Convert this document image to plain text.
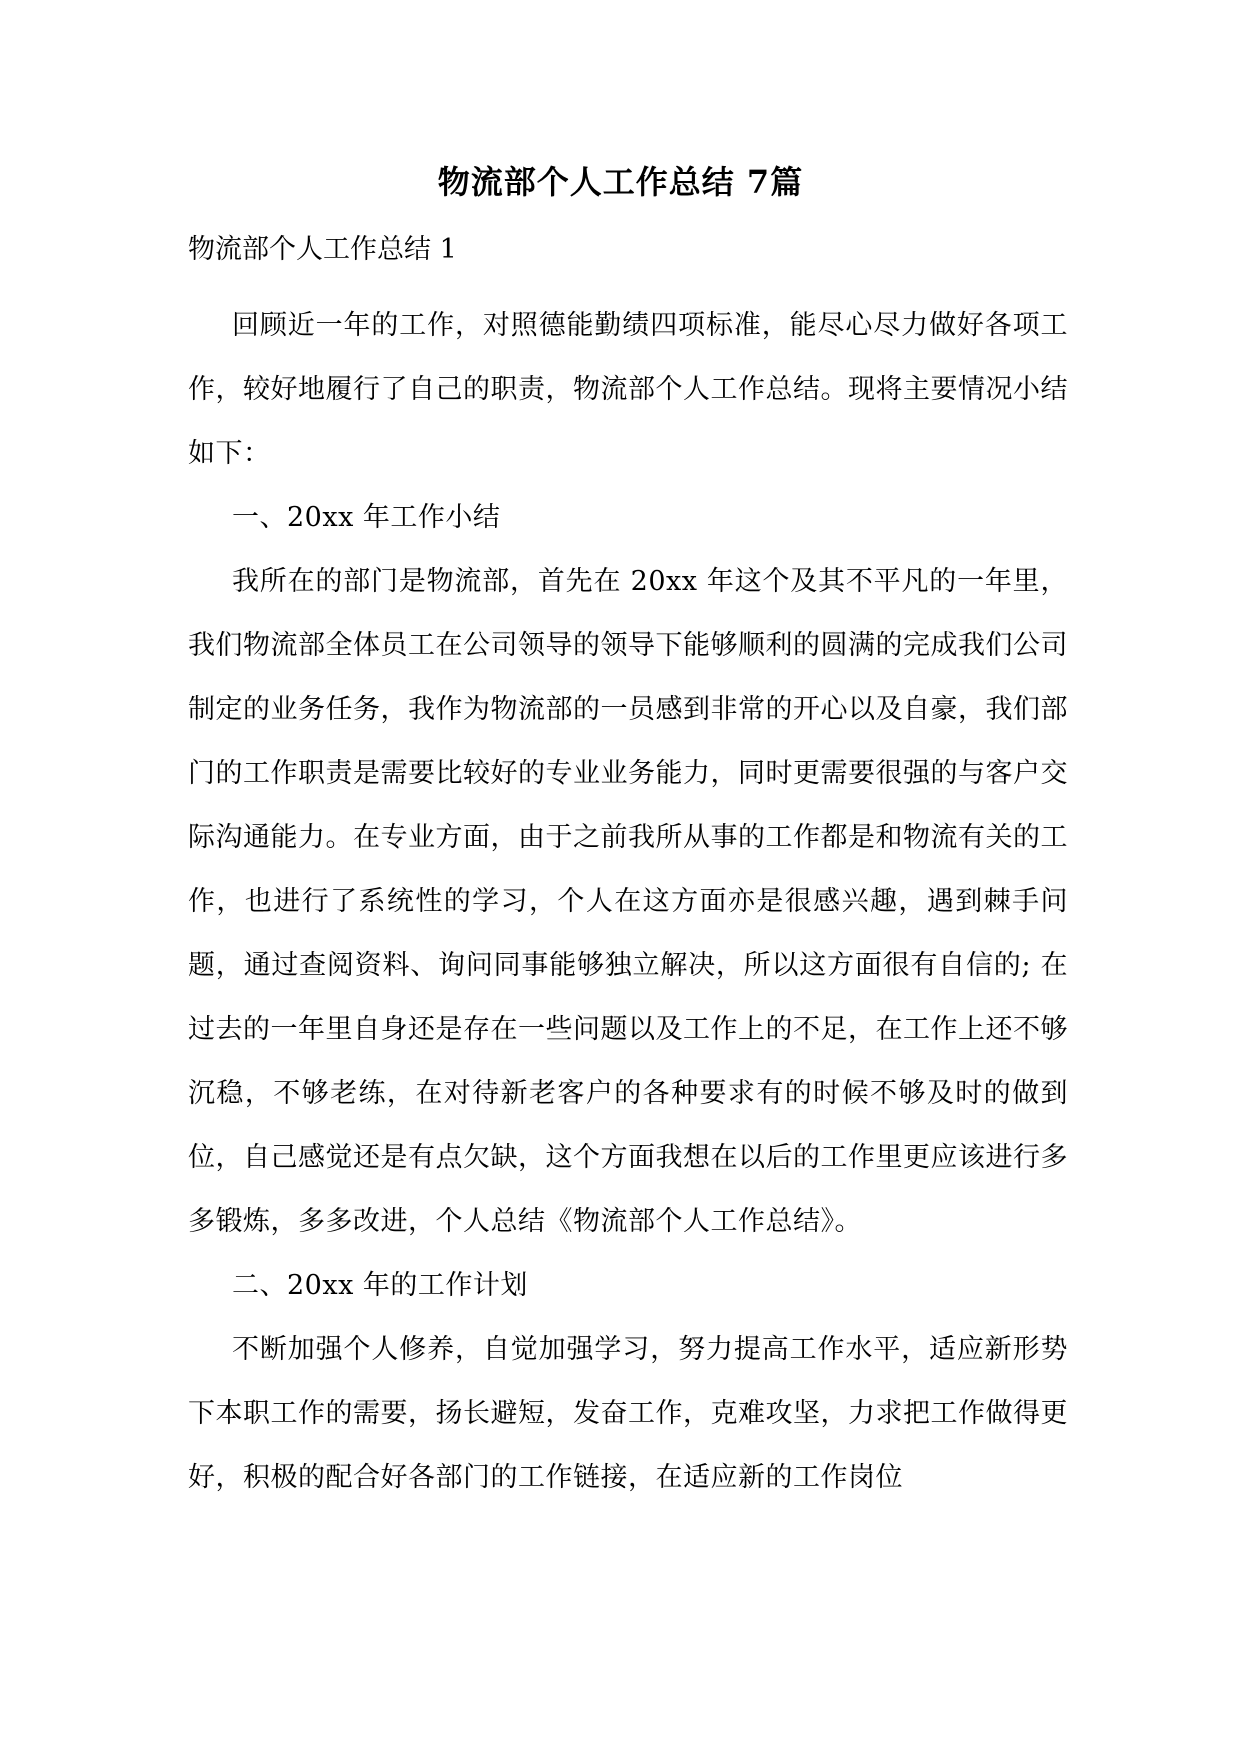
物流部个人工作总结 7篇
物流部个人工作总结 1

回顾近一年的工作，对照德能勤绩四项标准，能尽心尽力做好各项工作，较好地履行了自己的职责，物流部个人工作总结。现将主要情况小结如下：

一、20xx 年工作小结

我所在的部门是物流部，首先在 20xx 年这个及其不平凡的一年里，我们物流部全体员工在公司领导的领导下能够顺利的圆满的完成我们公司制定的业务任务，我作为物流部的一员感到非常的开心以及自豪，我们部门的工作职责是需要比较好的专业业务能力，同时更需要很强的与客户交际沟通能力。在专业方面，由于之前我所从事的工作都是和物流有关的工作，也进行了系统性的学习，个人在这方面亦是很感兴趣，遇到棘手问题，通过查阅资料、询问同事能够独立解决，所以这方面很有自信的; 在过去的一年里自身还是存在一些问题以及工作上的不足，在工作上还不够沉稳，不够老练，在对待新老客户的各种要求有的时候不够及时的做到位，自己感觉还是有点欠缺，这个方面我想在以后的工作里更应该进行多多锻炼，多多改进，个人总结《物流部个人工作总结》。

二、20xx 年的工作计划

不断加强个人修养，自觉加强学习，努力提高工作水平，适应新形势下本职工作的需要，扬长避短，发奋工作，克难攻坚，力求把工作做得更好，积极的配合好各部门的工作链接，在适应新的工作岗位
